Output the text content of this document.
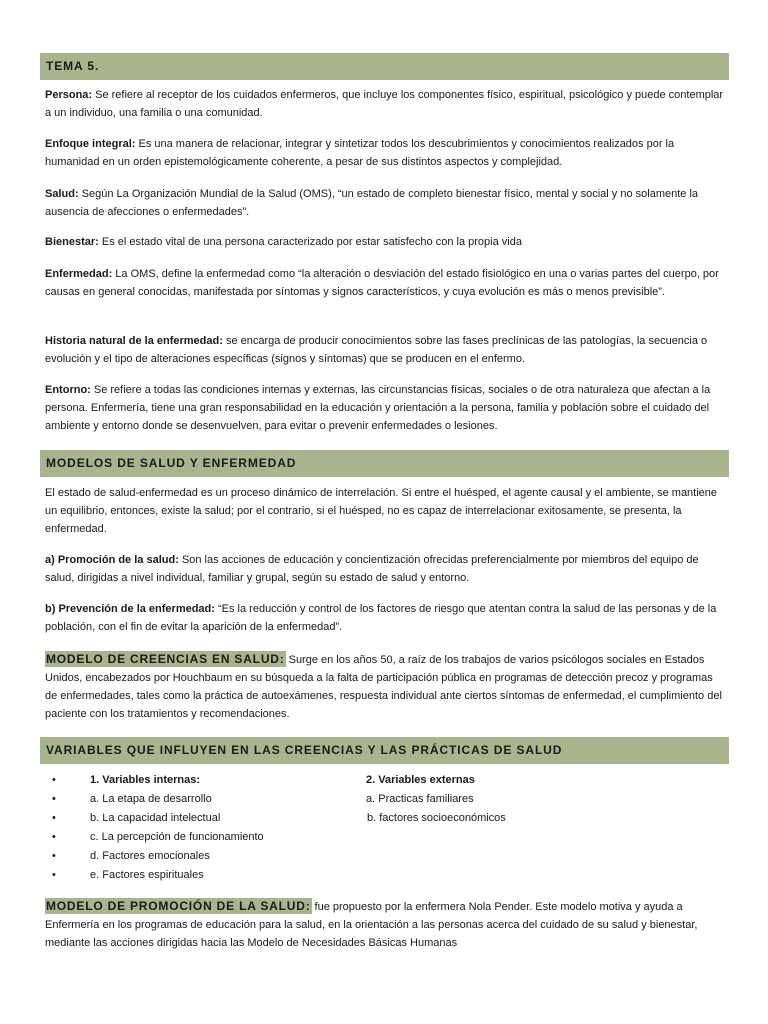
TEMA 5.

Persona: Se refiere al receptor de los cuidados enfermeros, que incluye los componentes físico, espiritual, psicológico y puede contemplar a un individuo, una familia o una comunidad.

Enfoque integral: Es una manera de relacionar, integrar y sintetizar todos los descubrimientos y conocimientos realizados por la humanidad en un orden epistemológicamente coherente, a pesar de sus distintos aspectos y complejidad.

Salud: Según La Organización Mundial de la Salud (OMS), “un estado de completo bienestar físico, mental y social y no solamente la ausencia de afecciones o enfermedades”.

Bienestar: Es el estado vital de una persona caracterizado por estar satisfecho con la propia vida

Enfermedad: La OMS, define la enfermedad como “la alteración o desviación del estado fisiológico en una o varias partes del cuerpo, por causas en general conocidas, manifestada por síntomas y signos característicos, y cuya evolución es más o menos previsible”.

Historia natural de la enfermedad: se encarga de producir conocimientos sobre las fases preclínicas de las patologías, la secuencia o evolución y el tipo de alteraciones específicas (signos y síntomas) que se producen en el enfermo.

Entorno: Se refiere a todas las condiciones internas y externas, las circunstancias físicas, sociales o de otra naturaleza que afectan a la persona. Enfermería, tiene una gran responsabilidad en la educación y orientación a la persona, familia y población sobre el cuidado del ambiente y entorno donde se desenvuelven, para evitar o prevenir enfermedades o lesiones.

MODELOS DE SALUD Y ENFERMEDAD

El estado de salud-enfermedad es un proceso dinámico de interrelación. Si entre el huésped, el agente causal y el ambiente, se mantiene un equilibrio, entonces, existe la salud; por el contrario, si el huésped, no es capaz de interrelacionar exitosamente, se presenta, la enfermedad.

a) Promoción de la salud: Son las acciones de educación y concientización ofrecidas preferencialmente por miembros del equipo de salud, dirigidas a nivel individual, familiar y grupal, según su estado de salud y entorno.

b) Prevención de la enfermedad: “Es la reducción y control de los factores de riesgo que atentan contra la salud de las personas y de la población, con el fin de evitar la aparición de la enfermedad”.

MODELO DE CREENCIAS EN SALUD: Surge en los años 50, a raíz de los trabajos de varios psicólogos sociales en Estados Unidos, encabezados por Houchbaum en su búsqueda a la falta de participación pública en programas de detección precoz y programas de enfermedades, tales como la práctica de autoexámenes, respuesta individual ante ciertos síntomas de enfermedad, el cumplimiento del paciente con los tratamientos y recomendaciones.

VARIABLES QUE INFLUYEN EN LAS CREENCIAS Y LAS PRÁCTICAS DE SALUD
• 1. Variables internas:
• a. La etapa de desarrollo
• b. La capacidad intelectual
• c. La percepción de funcionamiento
• d. Factores emocionales
• e. Factores espirituales
2. Variables externas
a. Practicas familiares
b. factores socioeconómicos

MODELO DE PROMOCIÓN DE LA SALUD: fue propuesto por la enfermera Nola Pender. Este modelo motiva y ayuda a Enfermería en los programas de educación para la salud, en la orientación a las personas acerca del cuidado de su salud y bienestar, mediante las acciones dirigidas hacia las Modelo de Necesidades Básicas Humanas
